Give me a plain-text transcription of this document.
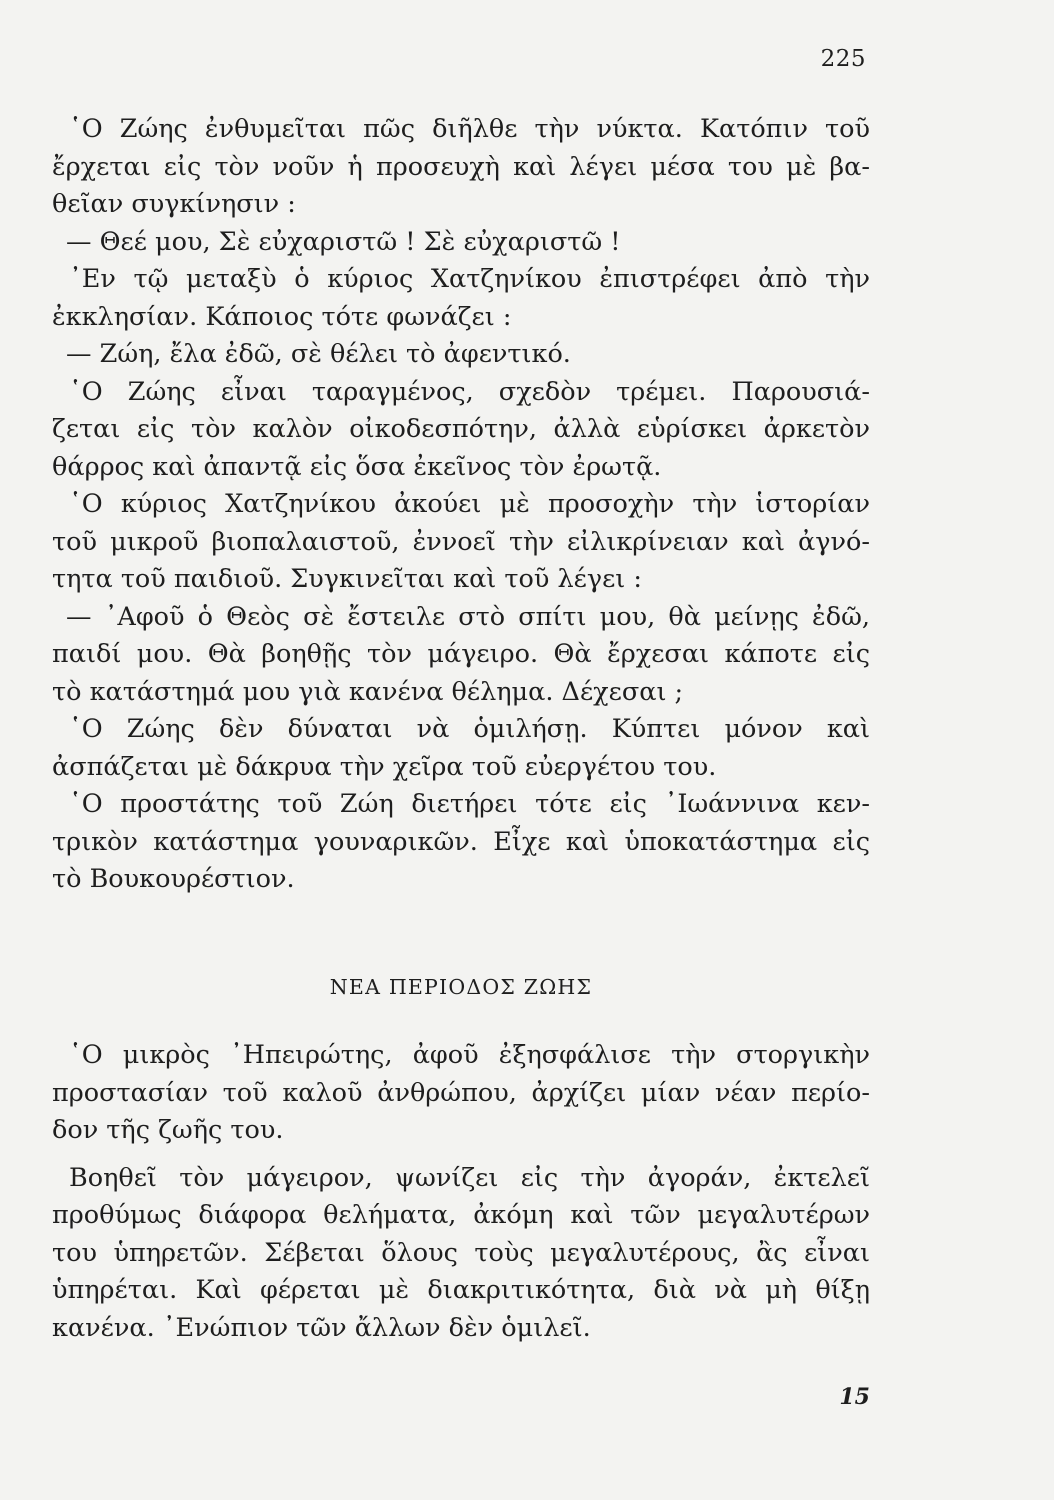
225
῾Ο Ζώης ἐνθυμεῖται πῶς διῆλθε τὴν νύκτα. Κατόπιν τοῦ
ἔρχεται εἰς τὸν νοῦν ἡ προσευχὴ καὶ λέγει μέσα του μὲ βα-
θεῖαν συγκίνησιν :
— Θεέ μου, Σὲ εὐχαριστῶ ! Σὲ εὐχαριστῶ !
᾿Εν τῷ μεταξὺ ὁ κύριος Χατζηνίκου ἐπιστρέφει ἀπὸ τὴν
ἐκκλησίαν. Κάποιος τότε φωνάζει :
— Ζώη, ἔλα ἐδῶ, σὲ θέλει τὸ ἀφεντικό.
῾Ο Ζώης εἶναι ταραγμένος, σχεδὸν τρέμει. Παρουσιά-
ζεται εἰς τὸν καλὸν οἰκοδεσπότην, ἀλλὰ εὑρίσκει ἀρκετὸν
θάρρος καὶ ἀπαντᾷ εἰς ὅσα ἐκεῖνος τὸν ἐρωτᾷ.
῾Ο κύριος Χατζηνίκου ἀκούει μὲ προσοχὴν τὴν ἱστορίαν
τοῦ μικροῦ βιοπαλαιστοῦ, ἐννοεῖ τὴν εἰλικρίνειαν καὶ ἀγνό-
τητα τοῦ παιδιοῦ. Συγκινεῖται καὶ τοῦ λέγει :
— ᾿Αφοῦ ὁ Θεὸς σὲ ἔστειλε στὸ σπίτι μου, θὰ μείνῃς ἐδῶ,
παιδί μου. Θὰ βοηθῇς τὸν μάγειρο. Θὰ ἔρχεσαι κάποτε εἰς
τὸ κατάστημά μου γιὰ κανένα θέλημα. Δέχεσαι ;
῾Ο Ζώης δὲν δύναται νὰ ὁμιλήσῃ. Κύπτει μόνον καὶ
ἀσπάζεται μὲ δάκρυα τὴν χεῖρα τοῦ εὐεργέτου του.
῾Ο προστάτης τοῦ Ζώη διετήρει τότε εἰς ᾿Ιωάννινα κεν-
τρικὸν κατάστημα γουναρικῶν. Εἶχε καὶ ὑποκατάστημα εἰς
τὸ Βουκουρέστιον.
ΝΕΑ ΠΕΡΙΟΔΟΣ ΖΩΗΣ
῾Ο μικρὸς ᾿Ηπειρώτης, ἀφοῦ ἐξησφάλισε τὴν στοργικὴν
προστασίαν τοῦ καλοῦ ἀνθρώπου, ἀρχίζει μίαν νέαν περίο-
δον τῆς ζωῆς του.
Βοηθεῖ τὸν μάγειρον, ψωνίζει εἰς τὴν ἀγοράν, ἐκτελεῖ
προθύμως διάφορα θελήματα, ἀκόμη καὶ τῶν μεγαλυτέρων
του ὑπηρετῶν. Σέβεται ὅλους τοὺς μεγαλυτέρους, ἂς εἶναι
ὑπηρέται. Καὶ φέρεται μὲ διακριτικότητα, διὰ νὰ μὴ θίξῃ
κανένα. ᾿Ενώπιον τῶν ἄλλων δὲν ὁμιλεῖ.
15
